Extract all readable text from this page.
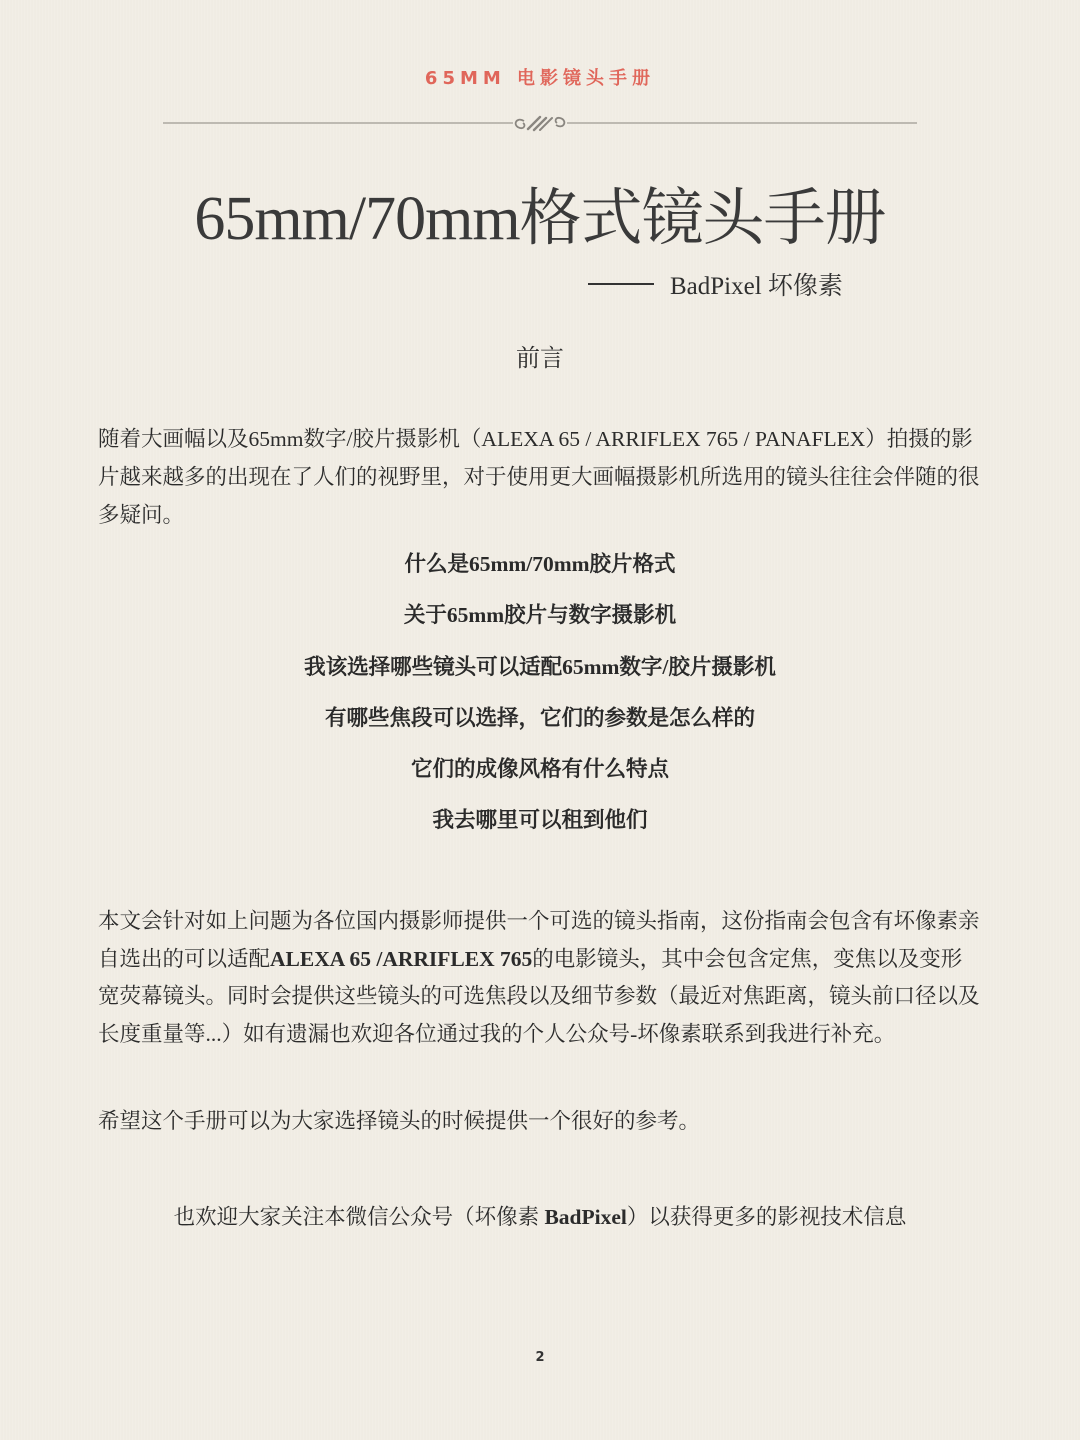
65MM 电影镜头手册
65mm/70mm格式镜头手册
BadPixel 坏像素
前言

随着大画幅以及65mm数字/胶片摄影机（ALEXA 65 / ARRIFLEX 765 / PANAFLEX）拍摄的影片越来越多的出现在了人们的视野里，对于使用更大画幅摄影机所选用的镜头往往会伴随的很多疑问。

什么是65mm/70mm胶片格式
关于65mm胶片与数字摄影机
我该选择哪些镜头可以适配65mm数字/胶片摄影机
有哪些焦段可以选择，它们的参数是怎么样的
它们的成像风格有什么特点
我去哪里可以租到他们

本文会针对如上问题为各位国内摄影师提供一个可选的镜头指南，这份指南会包含有坏像素亲自选出的可以适配ALEXA 65 /ARRIFLEX 765的电影镜头，其中会包含定焦，变焦以及变形宽荧幕镜头。同时会提供这些镜头的可选焦段以及细节参数（最近对焦距离，镜头前口径以及长度重量等...）如有遗漏也欢迎各位通过我的个人公众号-坏像素联系到我进行补充。

希望这个手册可以为大家选择镜头的时候提供一个很好的参考。

也欢迎大家关注本微信公众号（坏像素 BadPixel）以获得更多的影视技术信息
2
